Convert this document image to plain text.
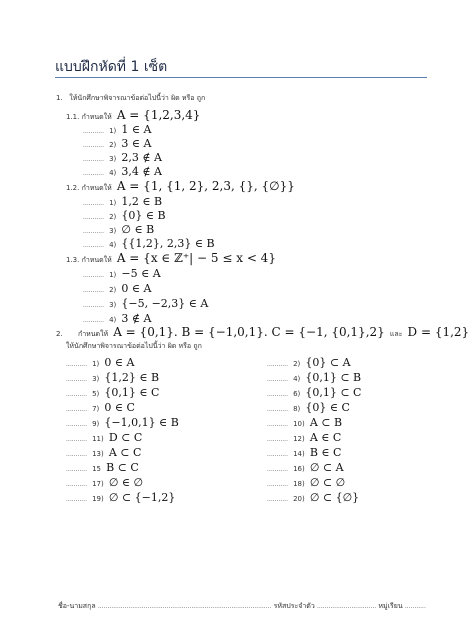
แบบฝึกหัดที่ 1 เซ็ต
1. ให้นักศึกษาพิจารณาข้อต่อไปนี้ว่า ผิด หรือ ถูก
1.1. กำหนดให้ A = {1,2,3,4}
........... 1) 1 ∈ A
........... 2) 3 ∈ A
........... 3) 2,3 ∉ A
........... 4) 3,4 ∉ A
1.2. กำหนดให้ A = {1, {1, 2}, 2,3, {}, {∅}}
........... 1) 1,2 ∈ B
........... 2) {0} ∈ B
........... 3) ∅ ∈ B
........... 4) {{1,2}, 2,3} ∈ B
1.3. กำหนดให้ A = {x ∈ ℤ⁺| − 5 ≤ x < 4}
........... 1) −5 ∈ A
........... 2) 0 ∈ A
........... 3) {−5, −2,3} ∈ A
........... 4) 3 ∉ A
2. กำหนดให้ A = {0,1}. B = {−1,0,1}. C = {−1, {0,1},2} และ D = {1,2}
ให้นักศึกษาพิจารณาข้อต่อไปนี้ว่า ผิด หรือ ถูก
........... 1) 0 ∈ A
........... 3) {1,2} ∈ B
........... 5) {0,1} ∈ C
........... 7) 0 ∈ C
........... 9) {−1,0,1} ∈ B
........... 11) D ⊂ C
........... 13) A ⊂ C
........... 15 B ⊂ C
........... 17) ∅ ∈ ∅
........... 19) ∅ ⊂ {−1,2}
........... 2) {0} ⊂ A
........... 4) {0,1} ⊂ B
........... 6) {0,1} ⊂ C
........... 8) {0} ∈ C
........... 10) A ⊂ B
........... 12) A ∈ C
........... 14) B ∈ C
........... 16) ∅ ⊂ A
........... 18) ∅ ⊂ ∅
........... 20) ∅ ⊂ {∅}
ชื่อ-นามสกุล ........................................................................................... รหัสประจำตัว ............................... หมู่เรียน ...........
